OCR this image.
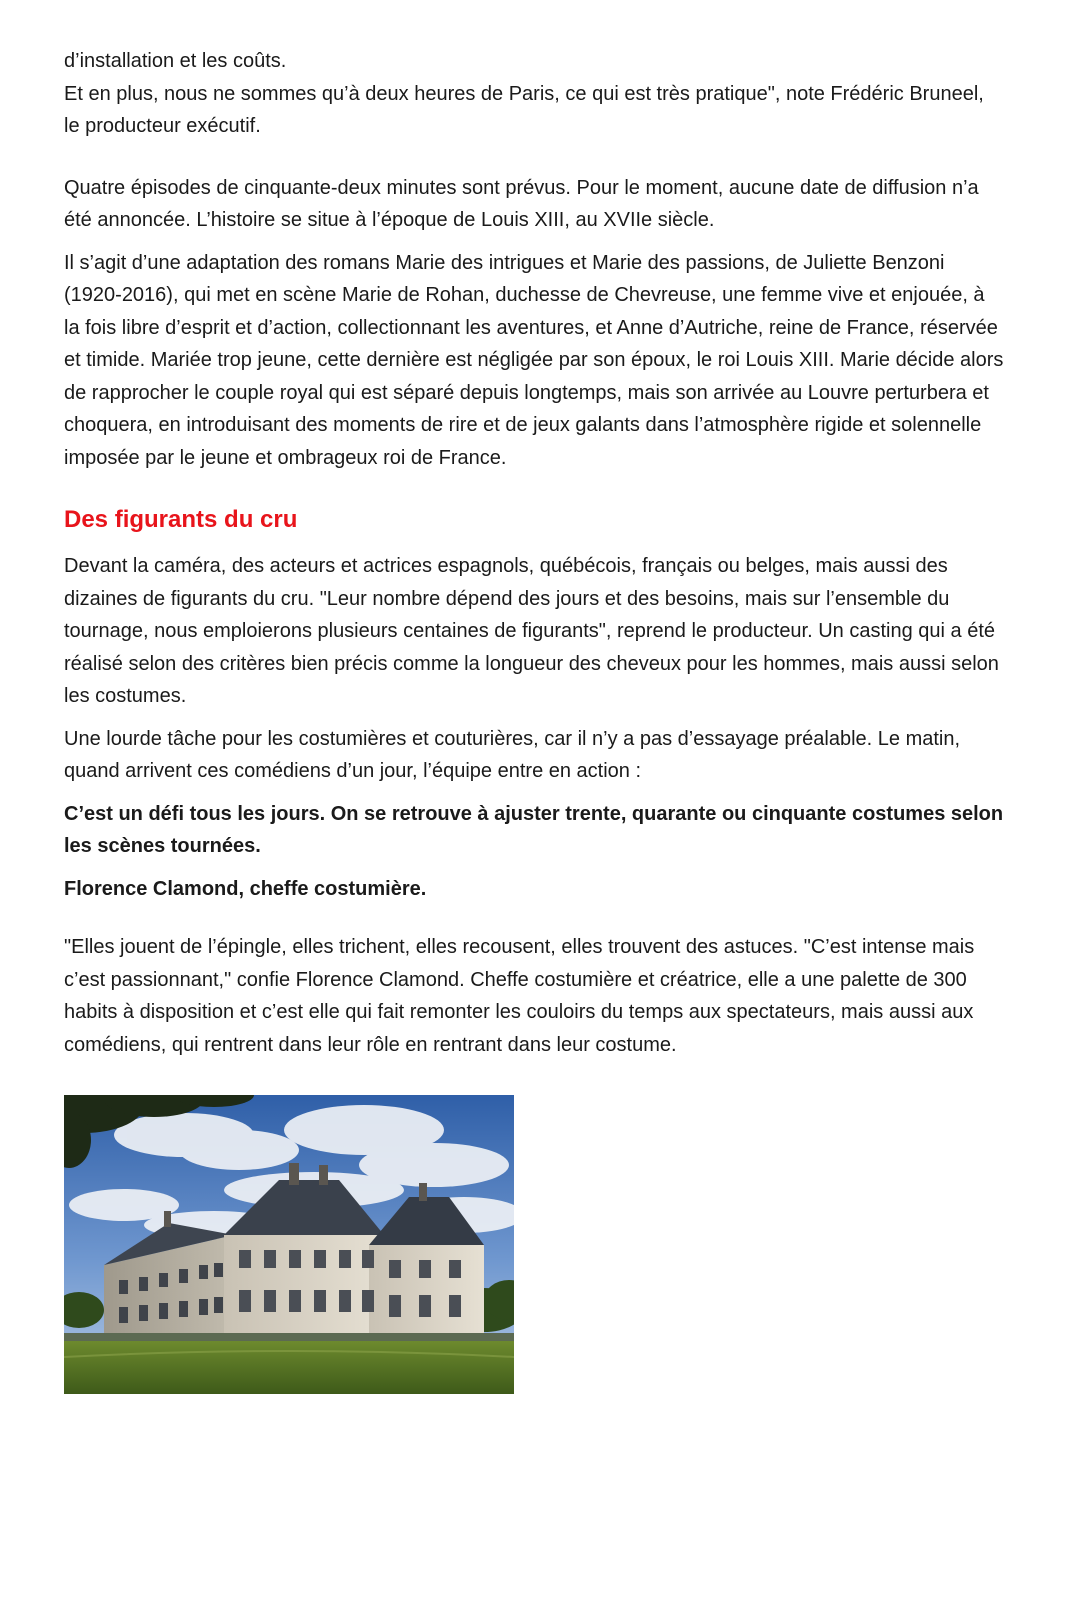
d’installation et les coûts.

Et en plus, nous ne sommes qu’à deux heures de Paris, ce qui est très pratique", note Frédéric Bruneel, le producteur exécutif.

Quatre épisodes de cinquante-deux minutes sont prévus. Pour le moment, aucune date de diffusion n’a été annoncée. L’histoire se situe à l’époque de Louis XIII, au XVIIe siècle.

Il s’agit d’une adaptation des romans Marie des intrigues et Marie des passions, de Juliette Benzoni (1920-2016), qui met en scène Marie de Rohan, duchesse de Chevreuse, une femme vive et enjouée, à la fois libre d’esprit et d’action, collectionnant les aventures, et Anne d’Autriche, reine de France, réservée et timide. Mariée trop jeune, cette dernière est négligée par son époux, le roi Louis XIII. Marie décide alors de rapprocher le couple royal qui est séparé depuis longtemps, mais son arrivée au Louvre perturbera et choquera, en introduisant des moments de rire et de jeux galants dans l’atmosphère rigide et solennelle imposée par le jeune et ombrageux roi de France.

Des figurants du cru

Devant la caméra, des acteurs et actrices espagnols, québécois, français ou belges, mais aussi des dizaines de figurants du cru. "Leur nombre dépend des jours et des besoins, mais sur l’ensemble du tournage, nous emploierons plusieurs centaines de figurants", reprend le producteur. Un casting qui a été réalisé selon des critères bien précis comme la longueur des cheveux pour les hommes, mais aussi selon les costumes.

Une lourde tâche pour les costumières et couturières, car il n’y a pas d’essayage préalable. Le matin, quand arrivent ces comédiens d’un jour, l’équipe entre en action :

C’est un défi tous les jours. On se retrouve à ajuster trente, quarante ou cinquante costumes selon les scènes tournées.

Florence Clamond, cheffe costumière.

"Elles jouent de l’épingle, elles trichent, elles recousent, elles trouvent des astuces. "C’est intense mais c’est passionnant," confie Florence Clamond. Cheffe costumière et créatrice, elle a une palette de 300 habits à disposition et c’est elle qui fait remonter les couloirs du temps aux spectateurs, mais aussi aux comédiens, qui rentrent dans leur rôle en rentrant dans leur costume.
